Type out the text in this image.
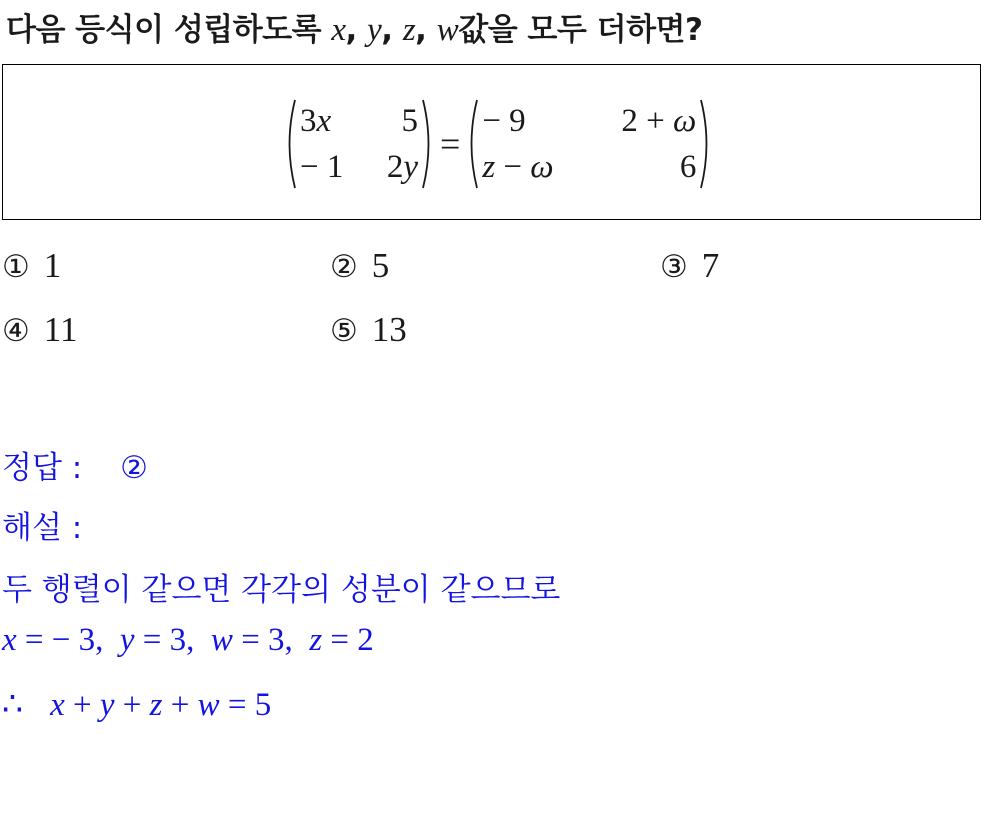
다음 등식이 성립하도록 x, y, z, w값을 모두 더하면?
3x	5
− 1	2y
=
− 9	2 + ω
z − ω	6
① 1	② 5	③ 7
④ 11	⑤ 13
정답 : ②
해설 :
두 행렬이 같으면 각각의 성분이 같으므로
x = − 3,  y = 3,  w = 3,  z = 2
∴ x + y + z + w = 5
